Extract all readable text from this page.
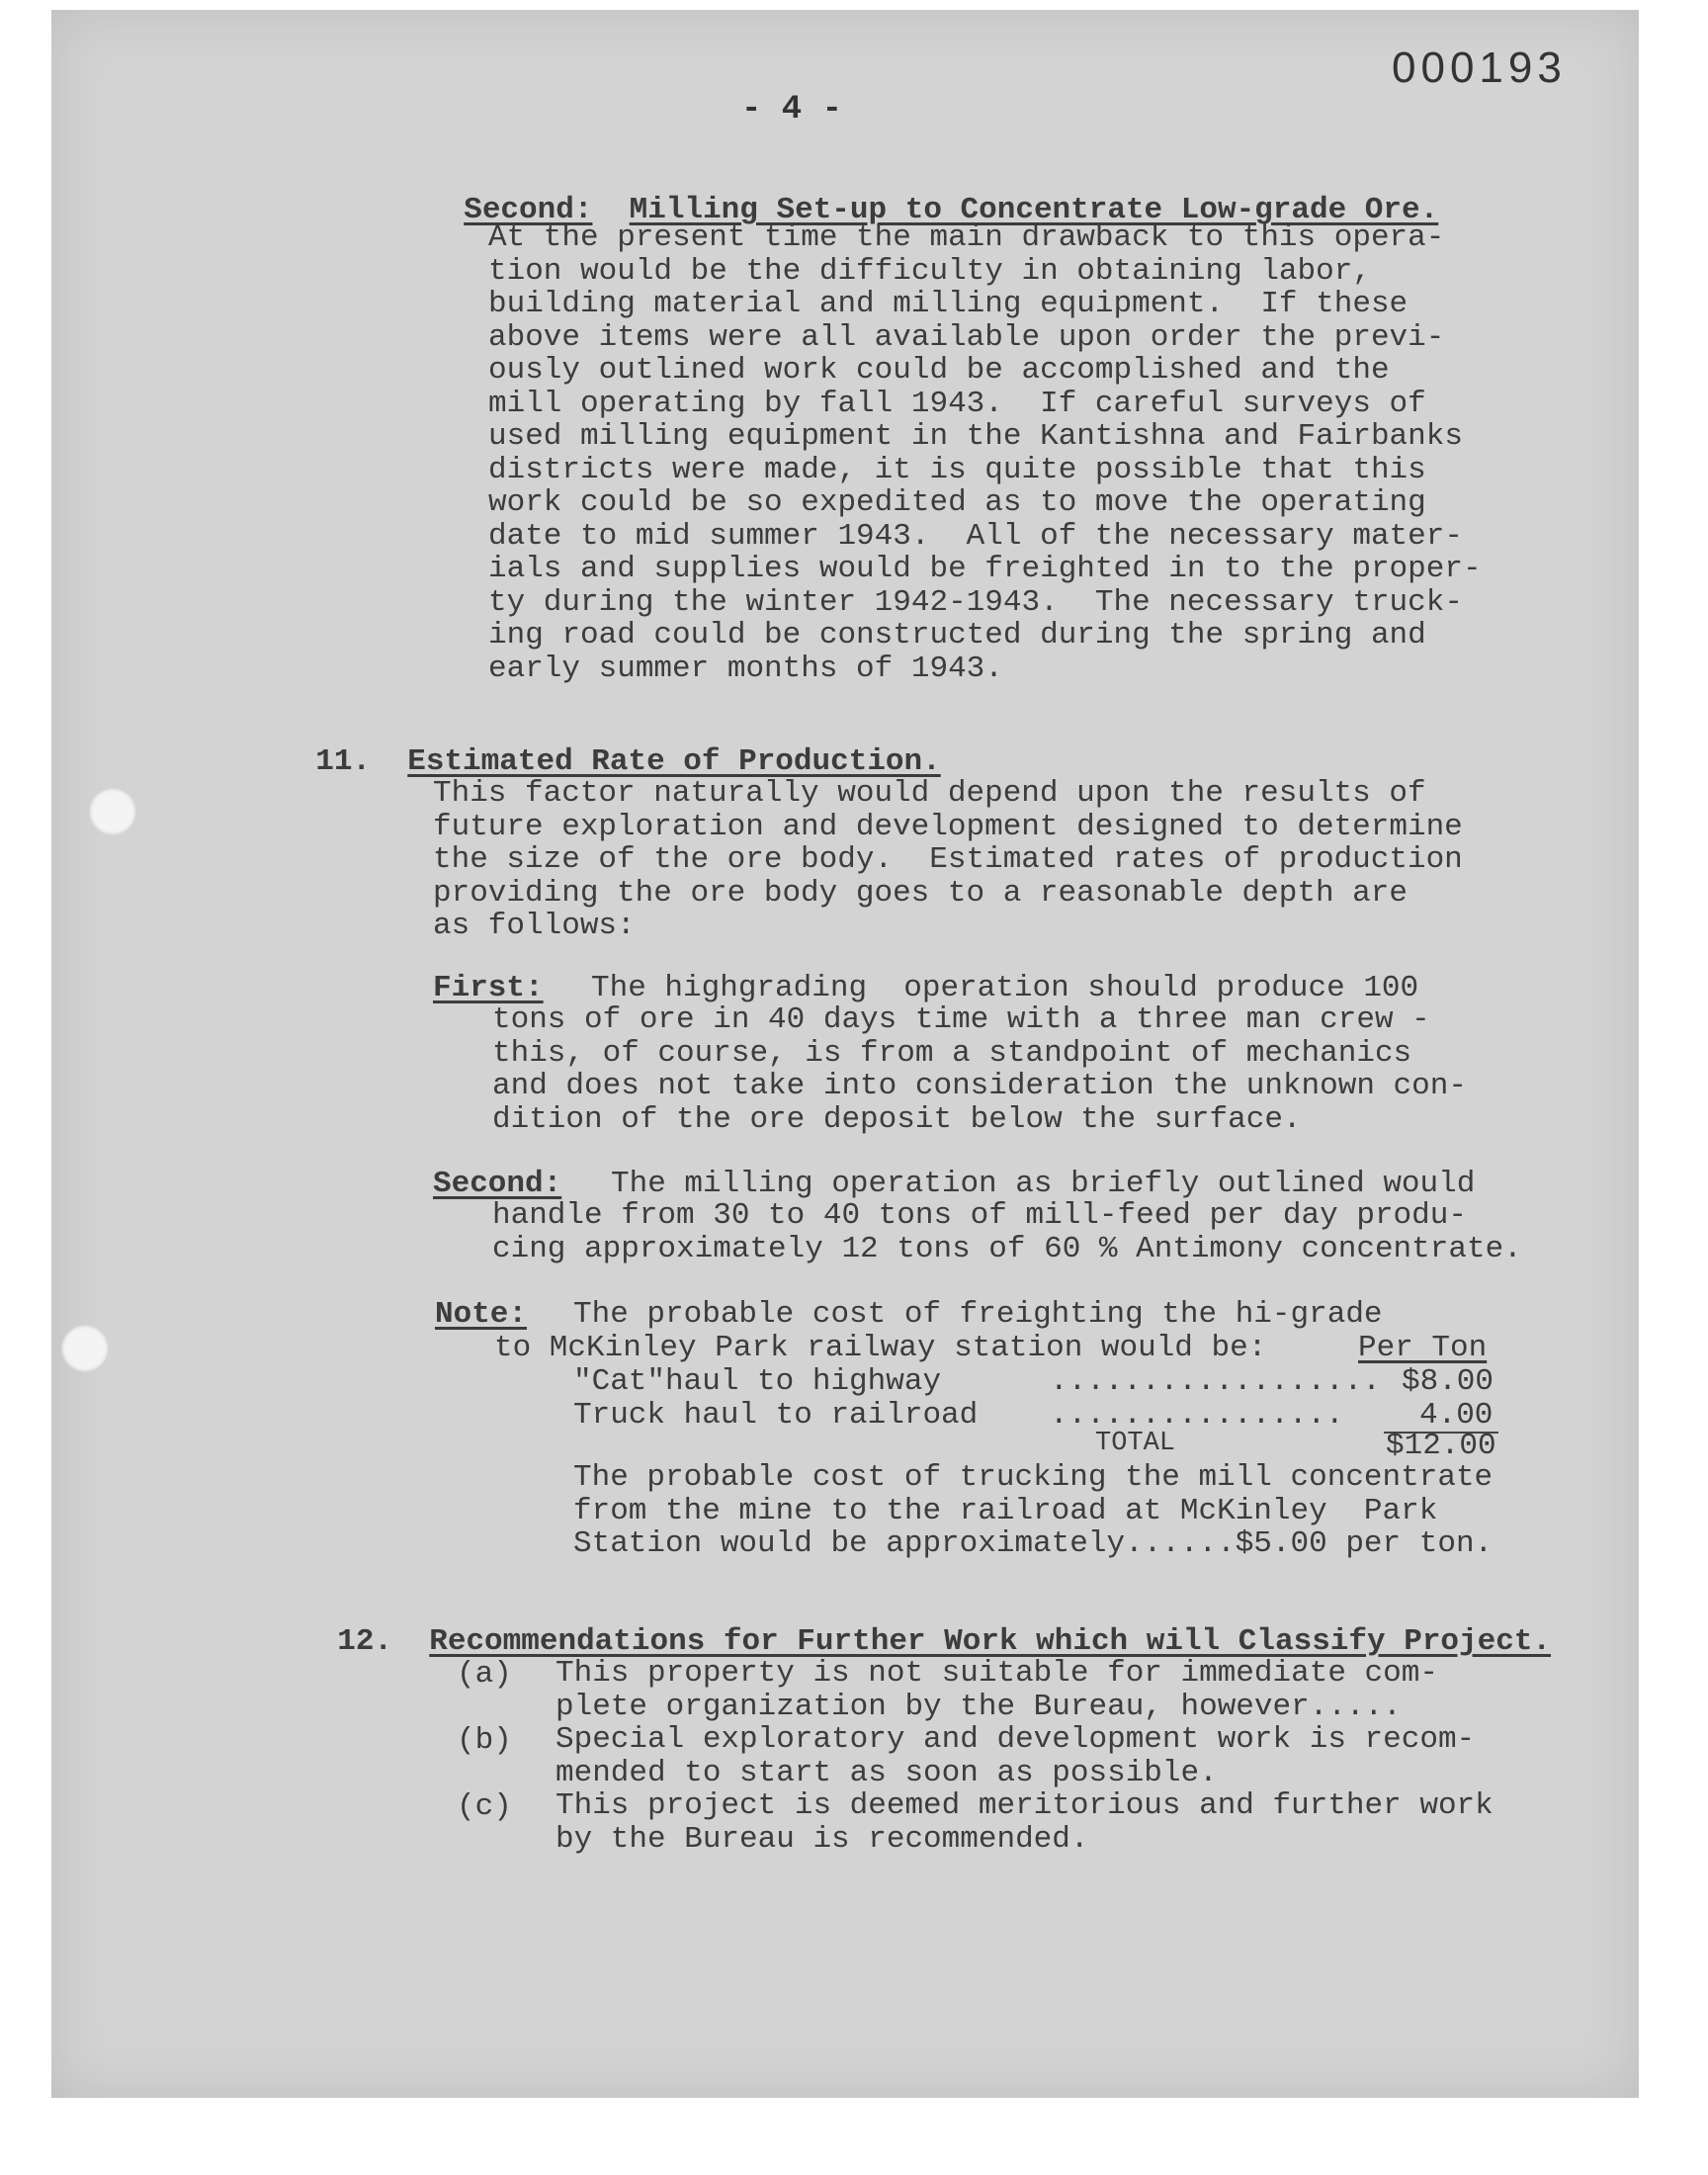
000193
- 4 -

Second: Milling Set-up to Concentrate Low-grade Ore.

At the present time the main drawback to this opera-
tion would be the difficulty in obtaining labor,
building material and milling equipment.  If these
above items were all available upon order the previ-
ously outlined work could be accomplished and the
mill operating by fall 1943.  If careful surveys of
used milling equipment in the Kantishna and Fairbanks
districts were made, it is quite possible that this
work could be so expedited as to move the operating
date to mid summer 1943.  All of the necessary mater-
ials and supplies would be freighted in to the proper-
ty during the winter 1942-1943.  The necessary truck-
ing road could be constructed during the spring and
early summer months of 1943.

11. Estimated Rate of Production.

This factor naturally would depend upon the results of
future exploration and development designed to determine
the size of the ore body.  Estimated rates of production
providing the ore body goes to a reasonable depth are
as follows:
First: The highgrading  operation should produce 100
tons of ore in 40 days time with a three man crew -
this, of course, is from a standpoint of mechanics
and does not take into consideration the unknown con-
dition of the ore deposit below the surface.
Second: The milling operation as briefly outlined would
handle from 30 to 40 tons of mill-feed per day produ-
cing approximately 12 tons of 60 % Antimony concentrate.
Note: The probable cost of freighting the hi-grade
to McKinley Park railway station would be:	Per Ton
"Cat"haul to highway	.................. $8.00
Truck haul to railroad ................ 4.00
TOTAL	$12.00
The probable cost of trucking the mill concentrate
from the mine to the railroad at McKinley  Park
Station would be approximately......$5.00 per ton.

12. Recommendations for Further Work which will Classify Project.

(a) This property is not suitable for immediate com-
plete organization by the Bureau, however.....
(b) Special exploratory and development work is recom-
mended to start as soon as possible.
(c) This project is deemed meritorious and further work
by the Bureau is recommended.
